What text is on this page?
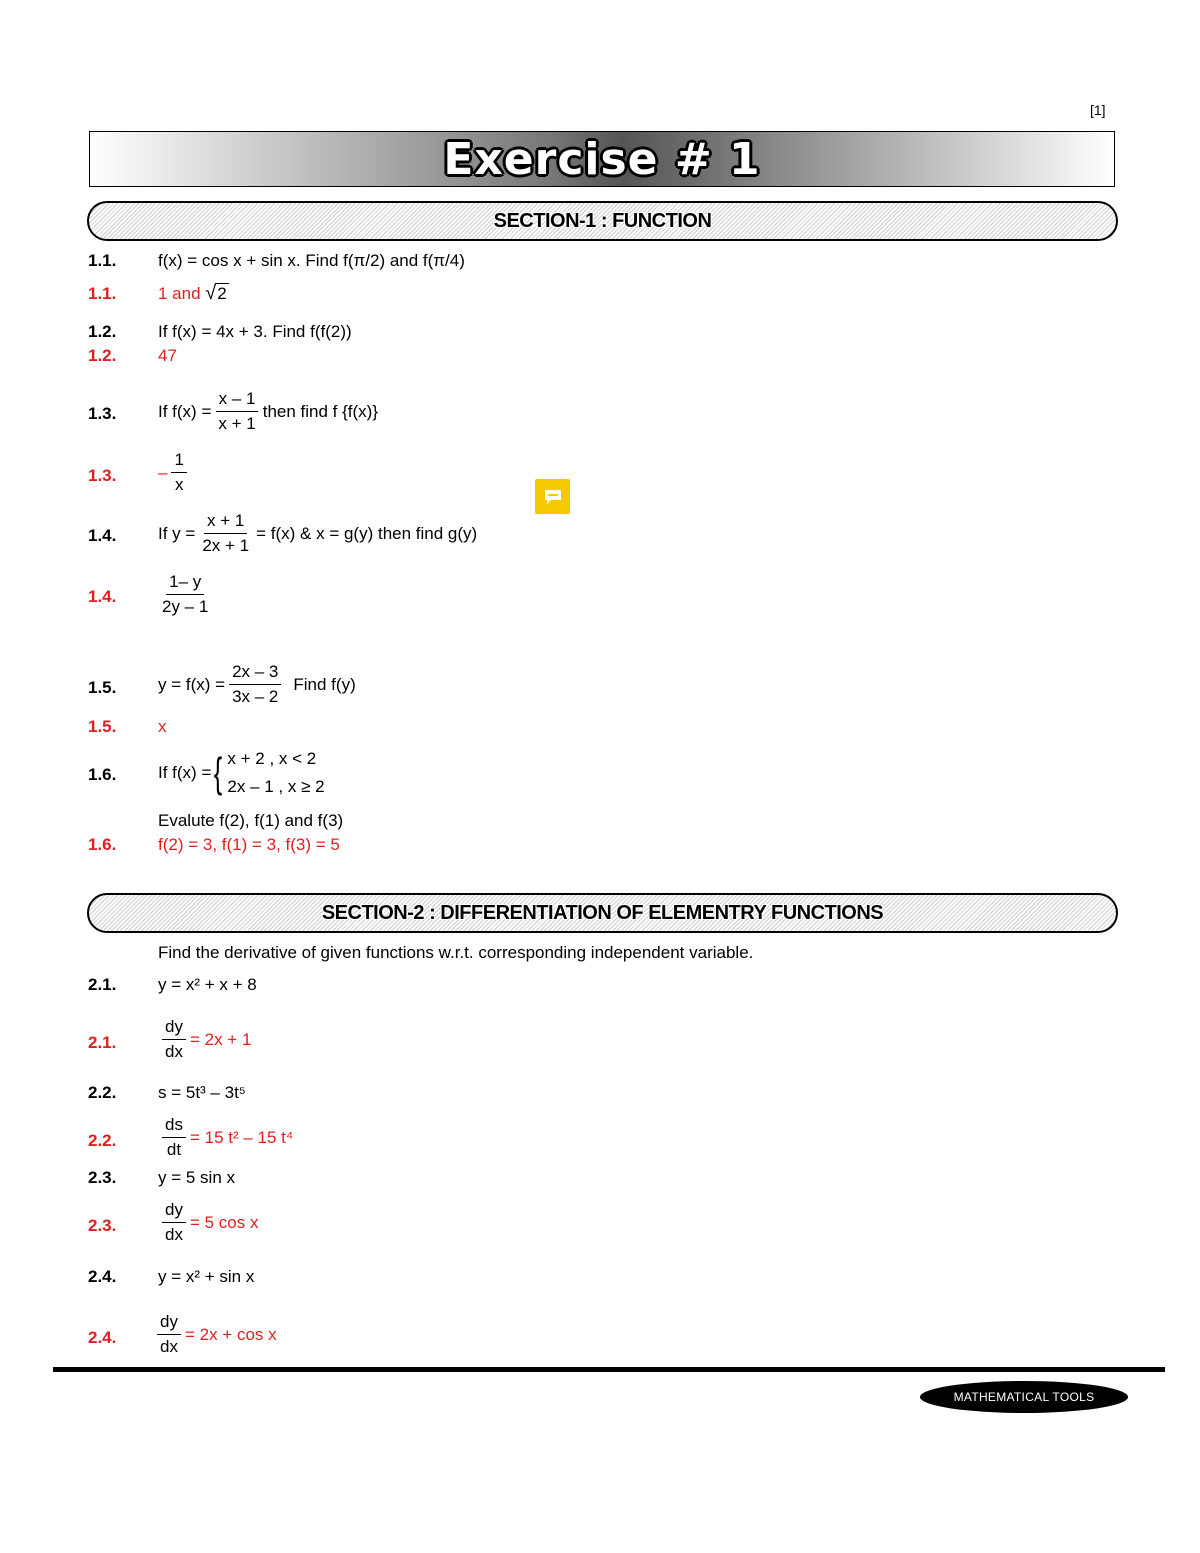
[1]
Exercise # 1
SECTION-1 : FUNCTION
1.1. f(x) = cos x + sin x. Find f(π/2) and f(π/4)
1.1. 1 and √2
1.2. If f(x) = 4x + 3. Find f(f(2))
1.2. 47
1.3. If $f(x) = \frac{x - 1}{x + 1}$ then find f {f(x)}
1.3. – $\frac{1}{x}$
1.4. If $y = \frac{x + 1}{2x + 1} = f(x)$ & x = g(y) then find g(y)
1.4.	$\frac{1- y}{2y - 1}$
1.5. $y = f(x) = \frac{2x - 3}{3x - 2}$ Find f(y)
1.5. x
1.6. If f(x) = { x + 2 , x < 2
2x – 1 , x ≥ 2
Evalute f(2), f(1) and f(3)
1.6. f(2) = 3, f(1) = 3, f(3) = 5
SECTION-2 : DIFFERENTIATION OF ELEMENTRY FUNCTIONS
Find the derivative of given functions w.r.t. corresponding independent variable.
2.1. y = x² + x + 8
2.1.	$\frac{dy}{dx} = 2x + 1$
2.2. s = 5t³ – 3t⁵
2.2.	$\frac{ds}{dt} = 15$ t² – 15 t⁴
2.3. y = 5 sin x
2.3.	$\frac{dy}{dx} = 5$ cos x
2.4. y = x² + sin x
2.4. $\frac{dy}{dx} = 2x + \cos x$
MATHEMATICAL TOOLS
